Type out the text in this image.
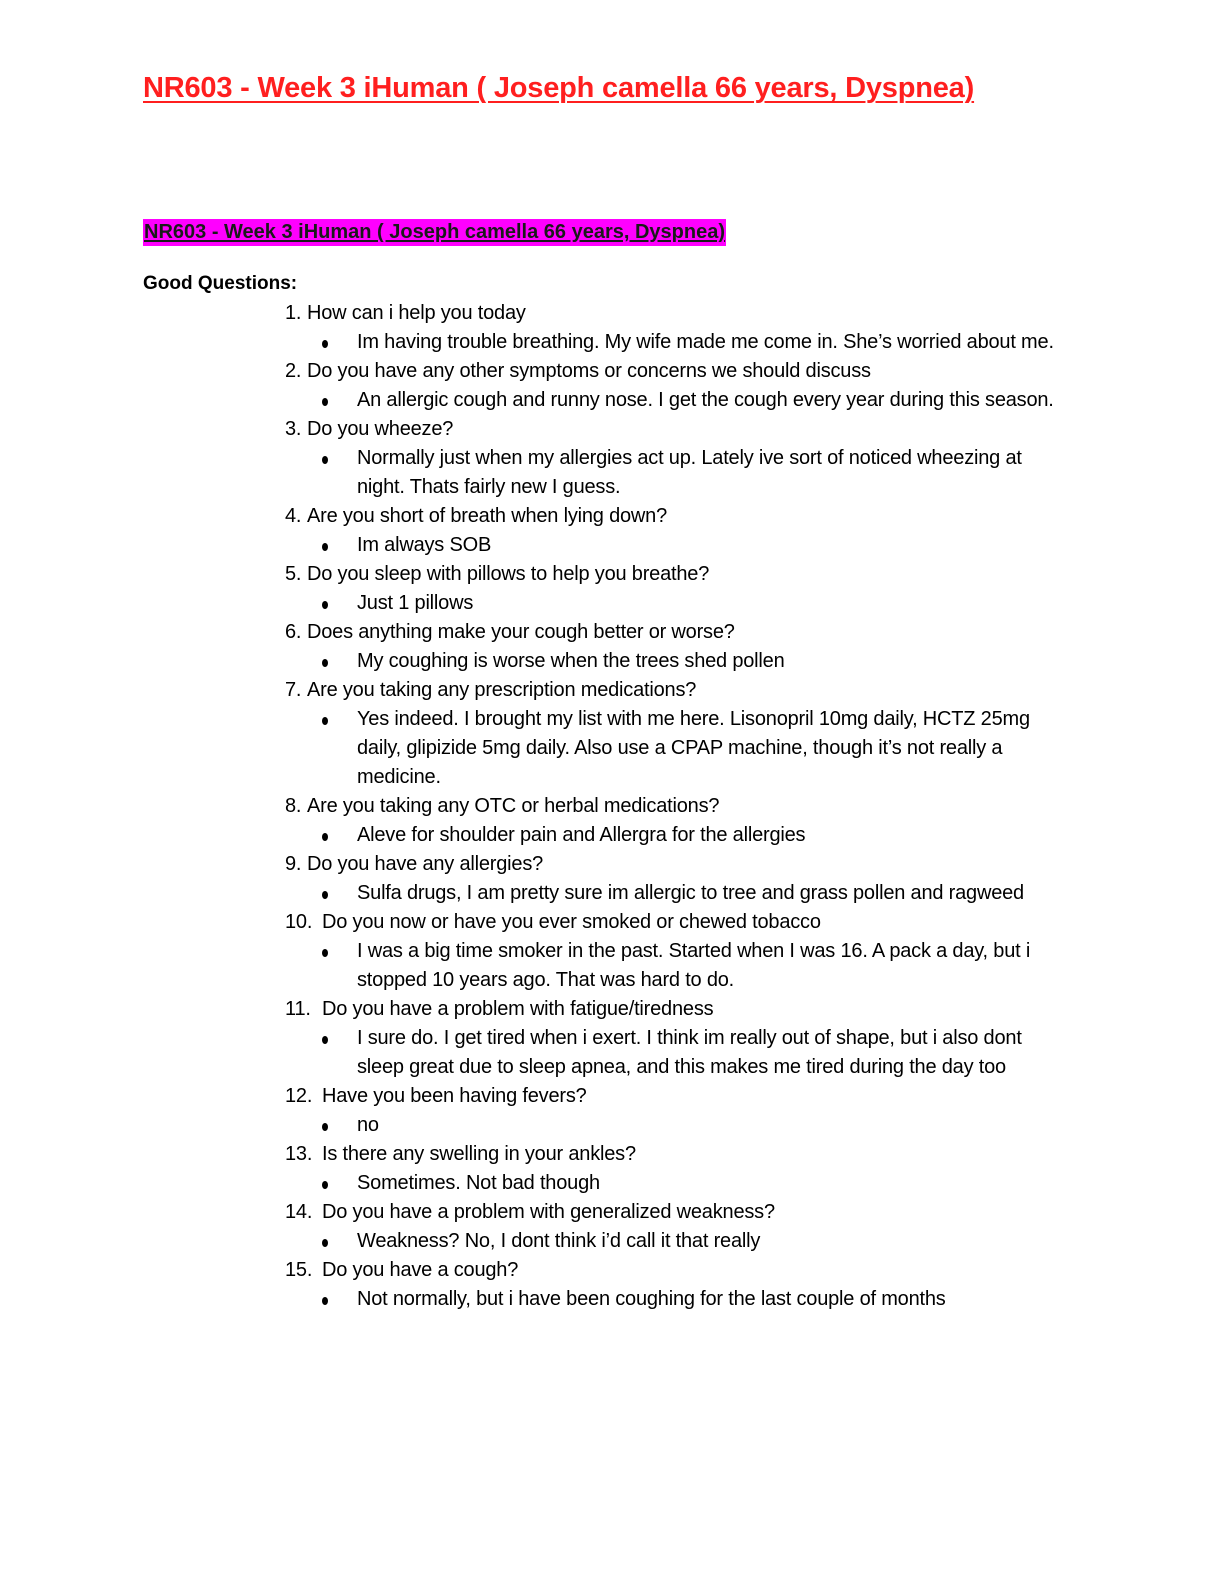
NR603 - Week 3 iHuman ( Joseph camella 66 years, Dyspnea)
NR603 - Week 3 iHuman ( Joseph camella 66 years, Dyspnea)
Good Questions:
1. How can i help you today
Im having trouble breathing. My wife made me come in. She’s worried about me.
2. Do you have any other symptoms or concerns we should discuss
An allergic cough and runny nose. I get the cough every year during this season.
3. Do you wheeze?
Normally just when my allergies act up. Lately ive sort of noticed wheezing at night. Thats fairly new I guess.
4. Are you short of breath when lying down?
Im always SOB
5. Do you sleep with pillows to help you breathe?
Just 1 pillows
6. Does anything make your cough better or worse?
My coughing is worse when the trees shed pollen
7. Are you taking any prescription medications?
Yes indeed. I brought my list with me here. Lisonopril 10mg daily, HCTZ 25mg daily, glipizide 5mg daily. Also use a CPAP machine, though it’s not really a medicine.
8. Are you taking any OTC or herbal medications?
Aleve for shoulder pain and Allergra for the allergies
9. Do you have any allergies?
Sulfa drugs, I am pretty sure im allergic to tree and grass pollen and ragweed
10. Do you now or have you ever smoked or chewed tobacco
I was a big time smoker in the past. Started when I was 16. A pack a day, but i stopped 10 years ago. That was hard to do.
11. Do you have a problem with fatigue/tiredness
I sure do. I get tired when i exert. I think im really out of shape, but i also dont sleep great due to sleep apnea, and this makes me tired during the day too
12. Have you been having fevers?
no
13. Is there any swelling in your ankles?
Sometimes. Not bad though
14. Do you have a problem with generalized weakness?
Weakness? No, I dont think i’d call it that really
15. Do you have a cough?
Not normally, but i have been coughing for the last couple of months
